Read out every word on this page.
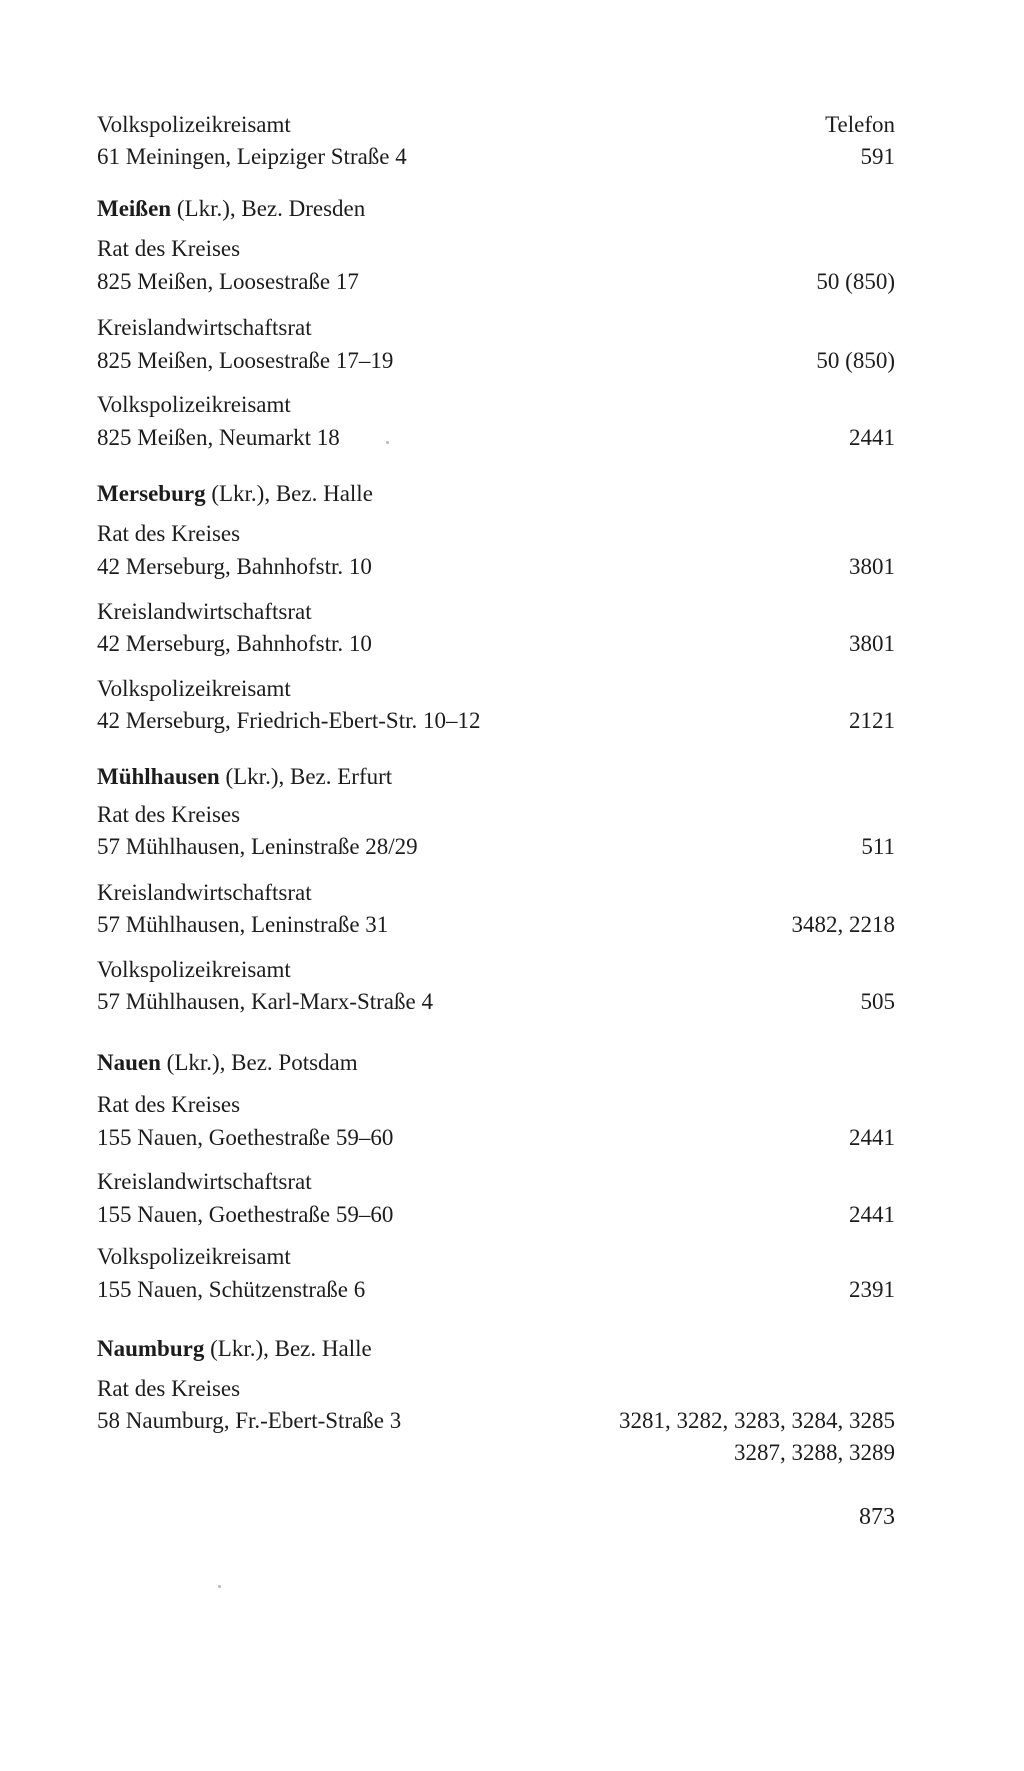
Volkspolizeikreisamt	Telefon
61 Meiningen, Leipziger Straße 4	591
Meißen (Lkr.), Bez. Dresden
Rat des Kreises
825 Meißen, Loosestraße 17	50 (850)
Kreislandwirtschaftsrat
825 Meißen, Loosestraße 17–19	50 (850)
Volkspolizeikreisamt
825 Meißen, Neumarkt 18	2441
Merseburg (Lkr.), Bez. Halle
Rat des Kreises
42 Merseburg, Bahnhofstr. 10	3801
Kreislandwirtschaftsrat
42 Merseburg, Bahnhofstr. 10	3801
Volkspolizeikreisamt
42 Merseburg, Friedrich-Ebert-Str. 10–12	2121
Mühlhausen (Lkr.), Bez. Erfurt
Rat des Kreises
57 Mühlhausen, Leninstraße 28/29	511
Kreislandwirtschaftsrat
57 Mühlhausen, Leninstraße 31	3482, 2218
Volkspolizeikreisamt
57 Mühlhausen, Karl-Marx-Straße 4	505
Nauen (Lkr.), Bez. Potsdam
Rat des Kreises
155 Nauen, Goethestraße 59–60	2441
Kreislandwirtschaftsrat
155 Nauen, Goethestraße 59–60	2441
Volkspolizeikreisamt
155 Nauen, Schützenstraße 6	2391
Naumburg (Lkr.), Bez. Halle
Rat des Kreises
58 Naumburg, Fr.-Ebert-Straße 3	3281, 3282, 3283, 3284, 3285
3287, 3288, 3289
873
